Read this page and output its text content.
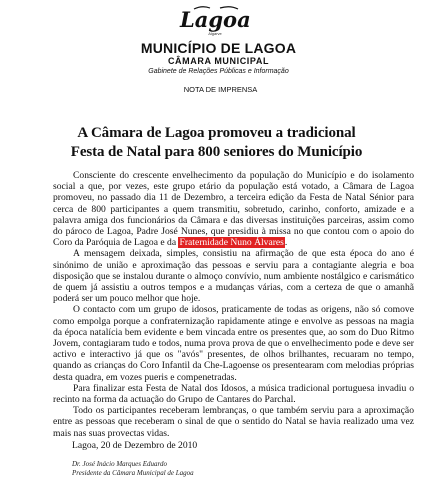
Lagoa
Algarve
MUNICÍPIO DE LAGOA
CÂMARA MUNICIPAL
Gabinete de Relações Públicas e Informação
NOTA DE IMPRENSA
A Câmara de Lagoa promoveu a tradicional
Festa de Natal para 800 seniores do Município

Consciente do crescente envelhecimento da população do Município e do isolamento social a que, por vezes, este grupo etário da população está votado, a Câmara de Lagoa promoveu, no passado dia 11 de Dezembro, a terceira edição da Festa de Natal Sénior para cerca de 800 participantes a quem transmitiu, sobretudo, carinho, conforto, amizade e a palavra amiga dos funcionários da Câmara e das diversas instituições parceiras, assim como do pároco de Lagoa, Padre José Nunes, que presidiu à missa no que contou com o apoio do Coro da Paróquia de Lagoa e da Fraternidade Nuno Álvares.

A mensagem deixada, simples, consistiu na afirmação de que esta época do ano é sinónimo de união e aproximação das pessoas e serviu para a contagiante alegria e boa disposição que se instalou durante o almoço convívio, num ambiente nostálgico e carismático de quem já assistiu a outros tempos e a mudanças várias, com a certeza de que o amanhã poderá ser um pouco melhor que hoje.

O contacto com um grupo de idosos, praticamente de todas as origens, não só comove como empolga porque a confraternização rapidamente atinge e envolve as pessoas na magia da época natalícia bem evidente e bem vincada entre os presentes que, ao som do Duo Ritmo Jovem, contagiaram tudo e todos, numa prova prova de que o envelhecimento pode e deve ser activo e interactivo já que os "avós" presentes, de olhos brilhantes, recuaram no tempo, quando as crianças do Coro Infantil da Che-Lagoense os presentearam com melodias próprias desta quadra, em vozes pueris e compenetradas.

Para finalizar esta Festa de Natal dos Idosos, a música tradicional portuguesa invadiu o recinto na forma da actuação do Grupo de Cantares do Parchal.

Todo os participantes receberam lembranças, o que também serviu para a aproximação entre as pessoas que receberam o sinal de que o sentido do Natal se havia realizado uma vez mais nas suas provectas vidas.

Lagoa, 20 de Dezembro de 2010
Dr. José Inácio Marques Eduardo
Presidente da Câmara Municipal de Lagoa
